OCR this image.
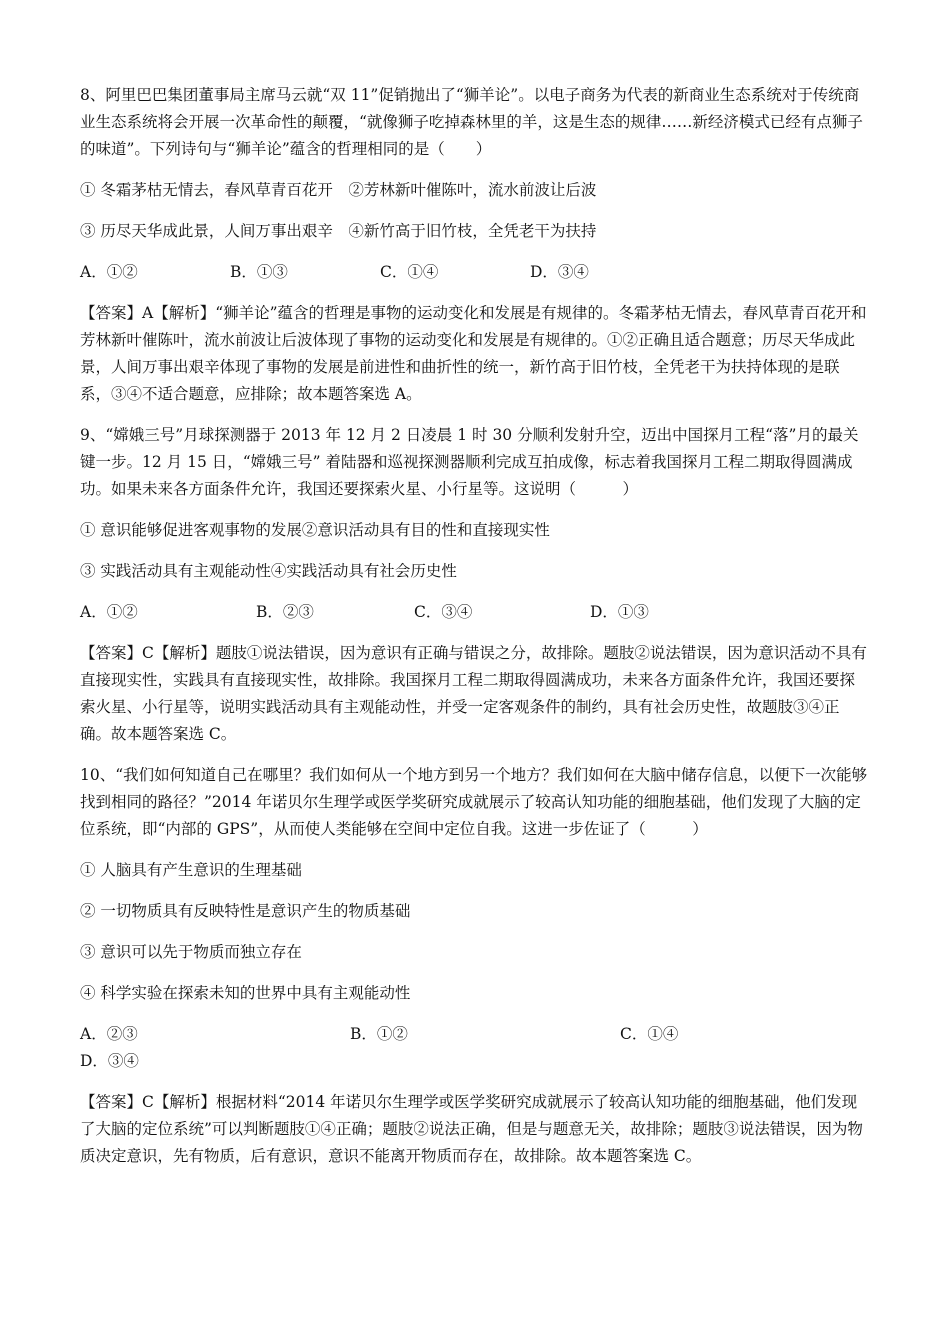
8、阿里巴巴集团董事局主席马云就“双 11”促销抛出了“狮羊论”。以电子商务为代表的新商业生态系统对于传统商业生态系统将会开展一次革命性的颠覆，“就像狮子吃掉森林里的羊，这是生态的规律……新经济模式已经有点狮子的味道”。下列诗句与“狮羊论”蕴含的哲理相同的是（　　）

① 冬霜茅枯无情去，春风草青百花开　②芳林新叶催陈叶，流水前波让后波

③ 历尽天华成此景，人间万事出艰辛　④新竹高于旧竹枝，全凭老干为扶持

A．①②	B．①③	C．①④	D．③④

【答案】A【解析】“狮羊论”蕴含的哲理是事物的运动变化和发展是有规律的。冬霜茅枯无情去，春风草青百花开和芳林新叶催陈叶，流水前波让后波体现了事物的运动变化和发展是有规律的。①②正确且适合题意；历尽天华成此景，人间万事出艰辛体现了事物的发展是前进性和曲折性的统一，新竹高于旧竹枝，全凭老干为扶持体现的是联系，③④不适合题意，应排除；故本题答案选 A。

9、“嫦娥三号”月球探测器于 2013 年 12 月 2 日凌晨 1 时 30 分顺利发射升空，迈出中国探月工程“落”月的最关键一步。12 月 15 日，“嫦娥三号” 着陆器和巡视探测器顺利完成互拍成像，标志着我国探月工程二期取得圆满成功。如果未来各方面条件允许，我国还要探索火星、小行星等。这说明（　　　）

① 意识能够促进客观事物的发展②意识活动具有目的性和直接现实性

③ 实践活动具有主观能动性④实践活动具有社会历史性

A．①②	B．②③	C．③④	D．①③

【答案】C【解析】题肢①说法错误，因为意识有正确与错误之分，故排除。题肢②说法错误，因为意识活动不具有直接现实性，实践具有直接现实性，故排除。我国探月工程二期取得圆满成功，未来各方面条件允许，我国还要探索火星、小行星等，说明实践活动具有主观能动性，并受一定客观条件的制约，具有社会历史性，故题肢③④正确。故本题答案选 C。

10、“我们如何知道自己在哪里？我们如何从一个地方到另一个地方？我们如何在大脑中储存信息，以便下一次能够找到相同的路径？”2014 年诺贝尔生理学或医学奖研究成就展示了较高认知功能的细胞基础，他们发现了大脑的定位系统，即“内部的 GPS”，从而使人类能够在空间中定位自我。这进一步佐证了（　　　）

① 人脑具有产生意识的生理基础

② 一切物质具有反映特性是意识产生的物质基础

③ 意识可以先于物质而独立存在

④ 科学实验在探索未知的世界中具有主观能动性

A．②③	B．①②	C．①④
D．③④

【答案】C【解析】根据材料“2014 年诺贝尔生理学或医学奖研究成就展示了较高认知功能的细胞基础，他们发现了大脑的定位系统”可以判断题肢①④正确；题肢②说法正确，但是与题意无关，故排除；题肢③说法错误，因为物质决定意识，先有物质，后有意识，意识不能离开物质而存在，故排除。故本题答案选 C。
